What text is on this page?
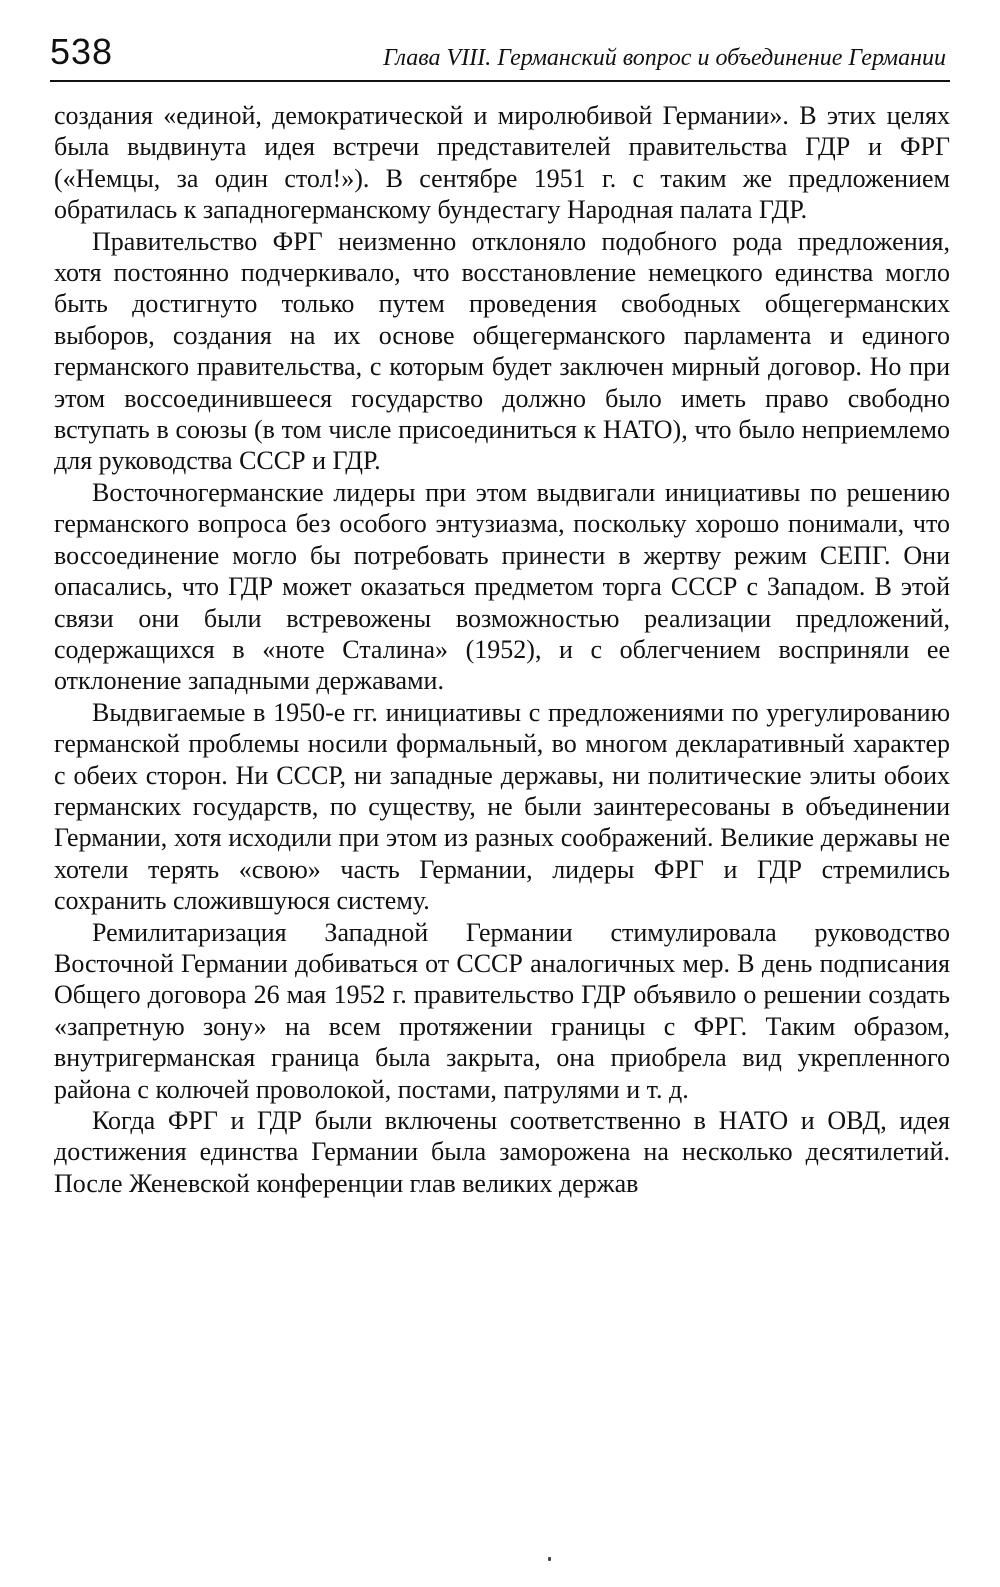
538	Глава VIII. Германский вопрос и объединение Германии

создания «единой, демократической и миролюбивой Германии». В этих целях была выдвинута идея встречи представителей правительства ГДР и ФРГ («Немцы, за один стол!»). В сентябре 1951 г. с таким же предложением обратилась к западногерманскому бундестагу Народная палата ГДР.

Правительство ФРГ неизменно отклоняло подобного рода предложения, хотя постоянно подчеркивало, что восстановление немецкого единства могло быть достигнуто только путем проведения свободных общегерманских выборов, создания на их основе общегерманского парламента и единого германского правительства, с которым будет заключен мирный договор. Но при этом воссоединившееся государство должно было иметь право свободно вступать в союзы (в том числе присоединиться к НАТО), что было неприемлемо для руководства СССР и ГДР.

Восточногерманские лидеры при этом выдвигали инициативы по решению германского вопроса без особого энтузиазма, поскольку хорошо понимали, что воссоединение могло бы потребовать принести в жертву режим СЕПГ. Они опасались, что ГДР может оказаться предметом торга СССР с Западом. В этой связи они были встревожены возможностью реализации предложений, содержащихся в «ноте Сталина» (1952), и с облегчением восприняли ее отклонение западными державами.

Выдвигаемые в 1950-е гг. инициативы с предложениями по урегулированию германской проблемы носили формальный, во многом декларативный характер с обеих сторон. Ни СССР, ни западные державы, ни политические элиты обоих германских государств, по существу, не были заинтересованы в объединении Германии, хотя исходили при этом из разных соображений. Великие державы не хотели терять «свою» часть Германии, лидеры ФРГ и ГДР стремились сохранить сложившуюся систему.

Ремилитаризация Западной Германии стимулировала руководство Восточной Германии добиваться от СССР аналогичных мер. В день подписания Общего договора 26 мая 1952 г. правительство ГДР объявило о решении создать «запретную зону» на всем протяжении границы с ФРГ. Таким образом, внутригерманская граница была закрыта, она приобрела вид укрепленного района с колючей проволокой, постами, патрулями и т. д.

Когда ФРГ и ГДР были включены соответственно в НАТО и ОВД, идея достижения единства Германии была заморожена на несколько десятилетий. После Женевской конференции глав великих держав
